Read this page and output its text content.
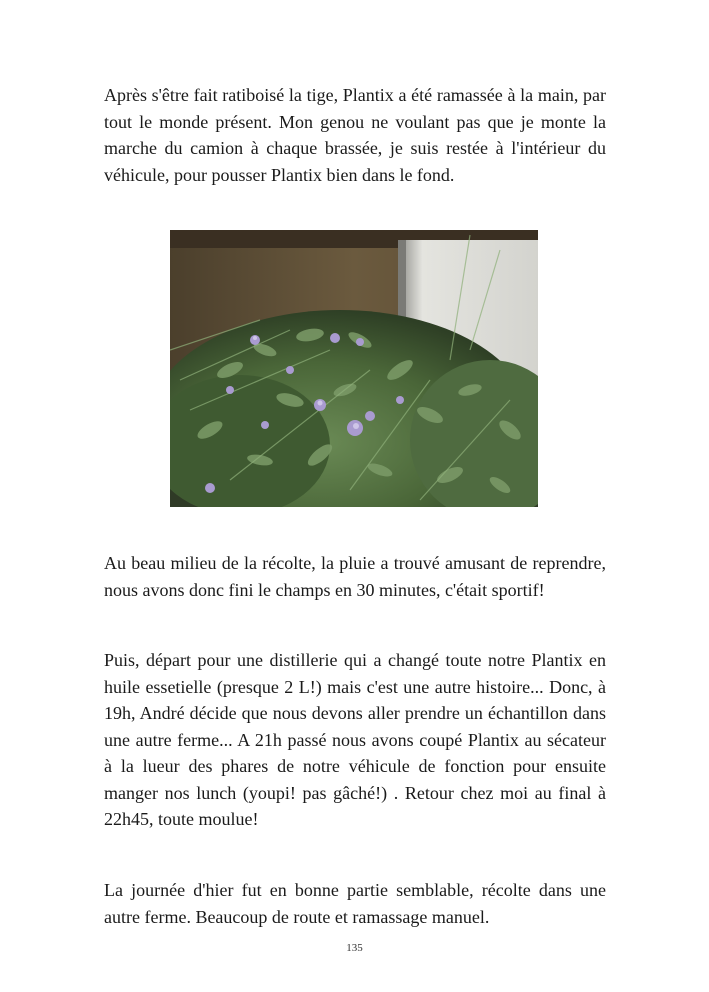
Après s'être fait ratiboisé la tige, Plantix a été ramassée à la main, par tout le monde présent. Mon genou ne voulant pas que je monte la marche du camion à chaque brassée, je suis restée à l'intérieur du véhicule, pour pousser Plantix bien dans le fond.

Au beau milieu de la récolte, la pluie a trouvé amusant de reprendre, nous avons donc fini le champs en 30 minutes, c'était sportif!

Puis, départ pour une distillerie qui a changé toute notre Plantix en huile essetielle (presque 2 L!) mais c'est une autre histoire... Donc, à 19h, André décide que nous devons aller prendre un échantillon dans une autre ferme... A 21h passé nous avons coupé Plantix au sécateur à la lueur des phares de notre véhicule de fonction pour ensuite manger nos lunch (youpi! pas gâché!) . Retour chez moi au final à 22h45, toute moulue!

La journée d'hier fut en bonne partie semblable, récolte dans une autre ferme. Beaucoup de route et ramassage manuel.

135
